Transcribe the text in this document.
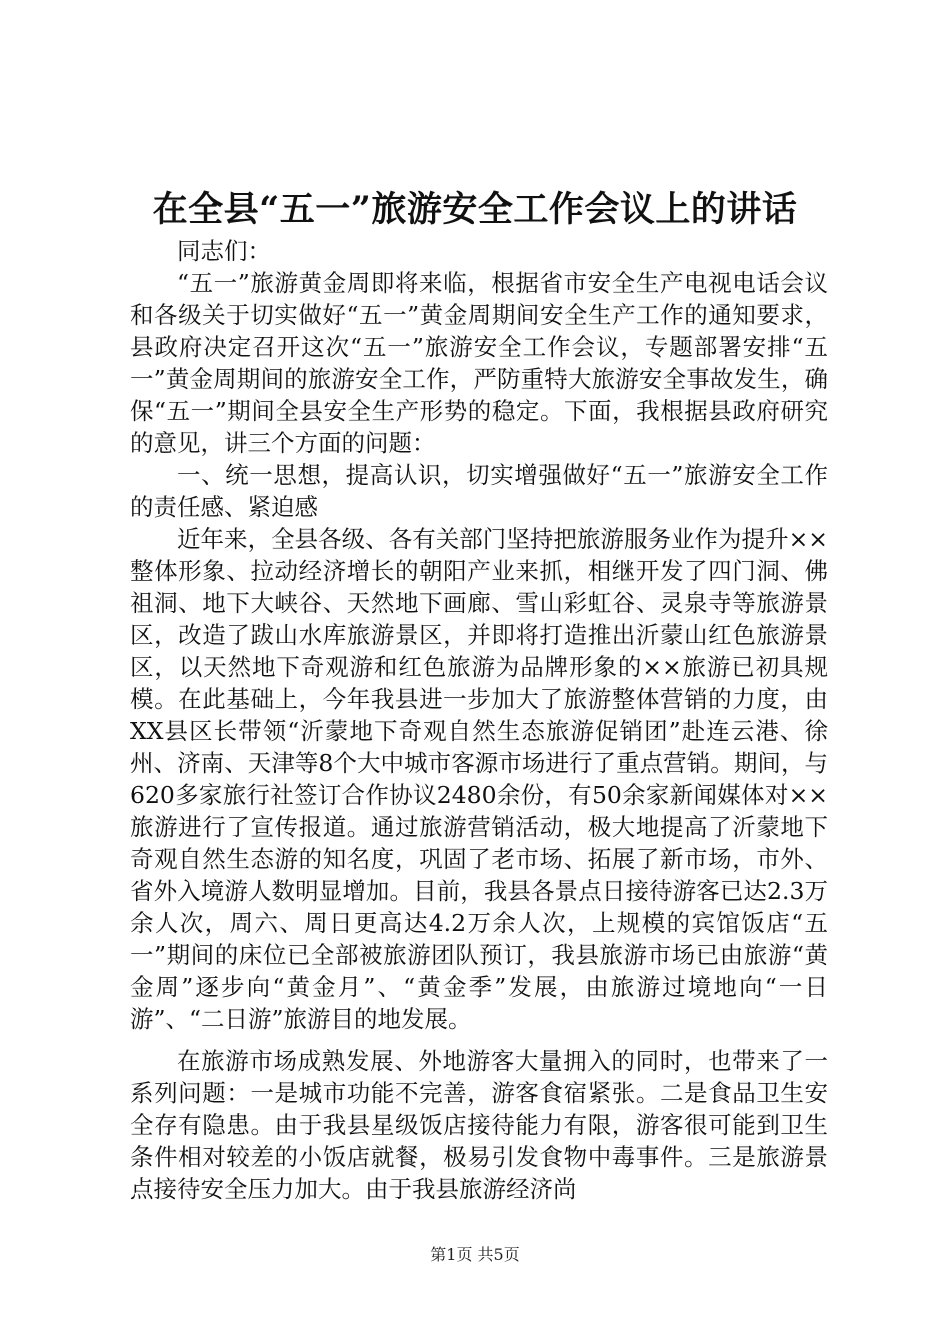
在全县“五一”旅游安全工作会议上的讲话

同志们：

“五一”旅游黄金周即将来临，根据省市安全生产电视电话会议和各级关于切实做好“五一”黄金周期间安全生产工作的通知要求，县政府决定召开这次“五一”旅游安全工作会议，专题部署安排“五一”黄金周期间的旅游安全工作，严防重特大旅游安全事故发生，确保“五一”期间全县安全生产形势的稳定。下面，我根据县政府研究的意见，讲三个方面的问题：

一、统一思想，提高认识，切实增强做好“五一”旅游安全工作的责任感、紧迫感

近年来，全县各级、各有关部门坚持把旅游服务业作为提升××整体形象、拉动经济增长的朝阳产业来抓，相继开发了四门洞、佛祖洞、地下大峡谷、天然地下画廊、雪山彩虹谷、灵泉寺等旅游景区，改造了跋山水库旅游景区，并即将打造推出沂蒙山红色旅游景区，以天然地下奇观游和红色旅游为品牌形象的××旅游已初具规模。在此基础上，今年我县进一步加大了旅游整体营销的力度，由XX县区长带领“沂蒙地下奇观自然生态旅游促销团”赴连云港、徐州、济南、天津等8个大中城市客源市场进行了重点营销。期间，与620多家旅行社签订合作协议2480余份，有50余家新闻媒体对××旅游进行了宣传报道。通过旅游营销活动，极大地提高了沂蒙地下奇观自然生态游的知名度，巩固了老市场、拓展了新市场，市外、省外入境游人数明显增加。目前，我县各景点日接待游客已达2.3万余人次，周六、周日更高达4.2万余人次，上规模的宾馆饭店“五一”期间的床位已全部被旅游团队预订，我县旅游市场已由旅游“黄金周”逐步向“黄金月”、“黄金季”发展，由旅游过境地向“一日游”、“二日游”旅游目的地发展。

在旅游市场成熟发展、外地游客大量拥入的同时，也带来了一系列问题：一是城市功能不完善，游客食宿紧张。二是食品卫生安全存有隐患。由于我县星级饭店接待能力有限，游客很可能到卫生条件相对较差的小饭店就餐，极易引发食物中毒事件。三是旅游景点接待安全压力加大。由于我县旅游经济尚

第1页 共5页
